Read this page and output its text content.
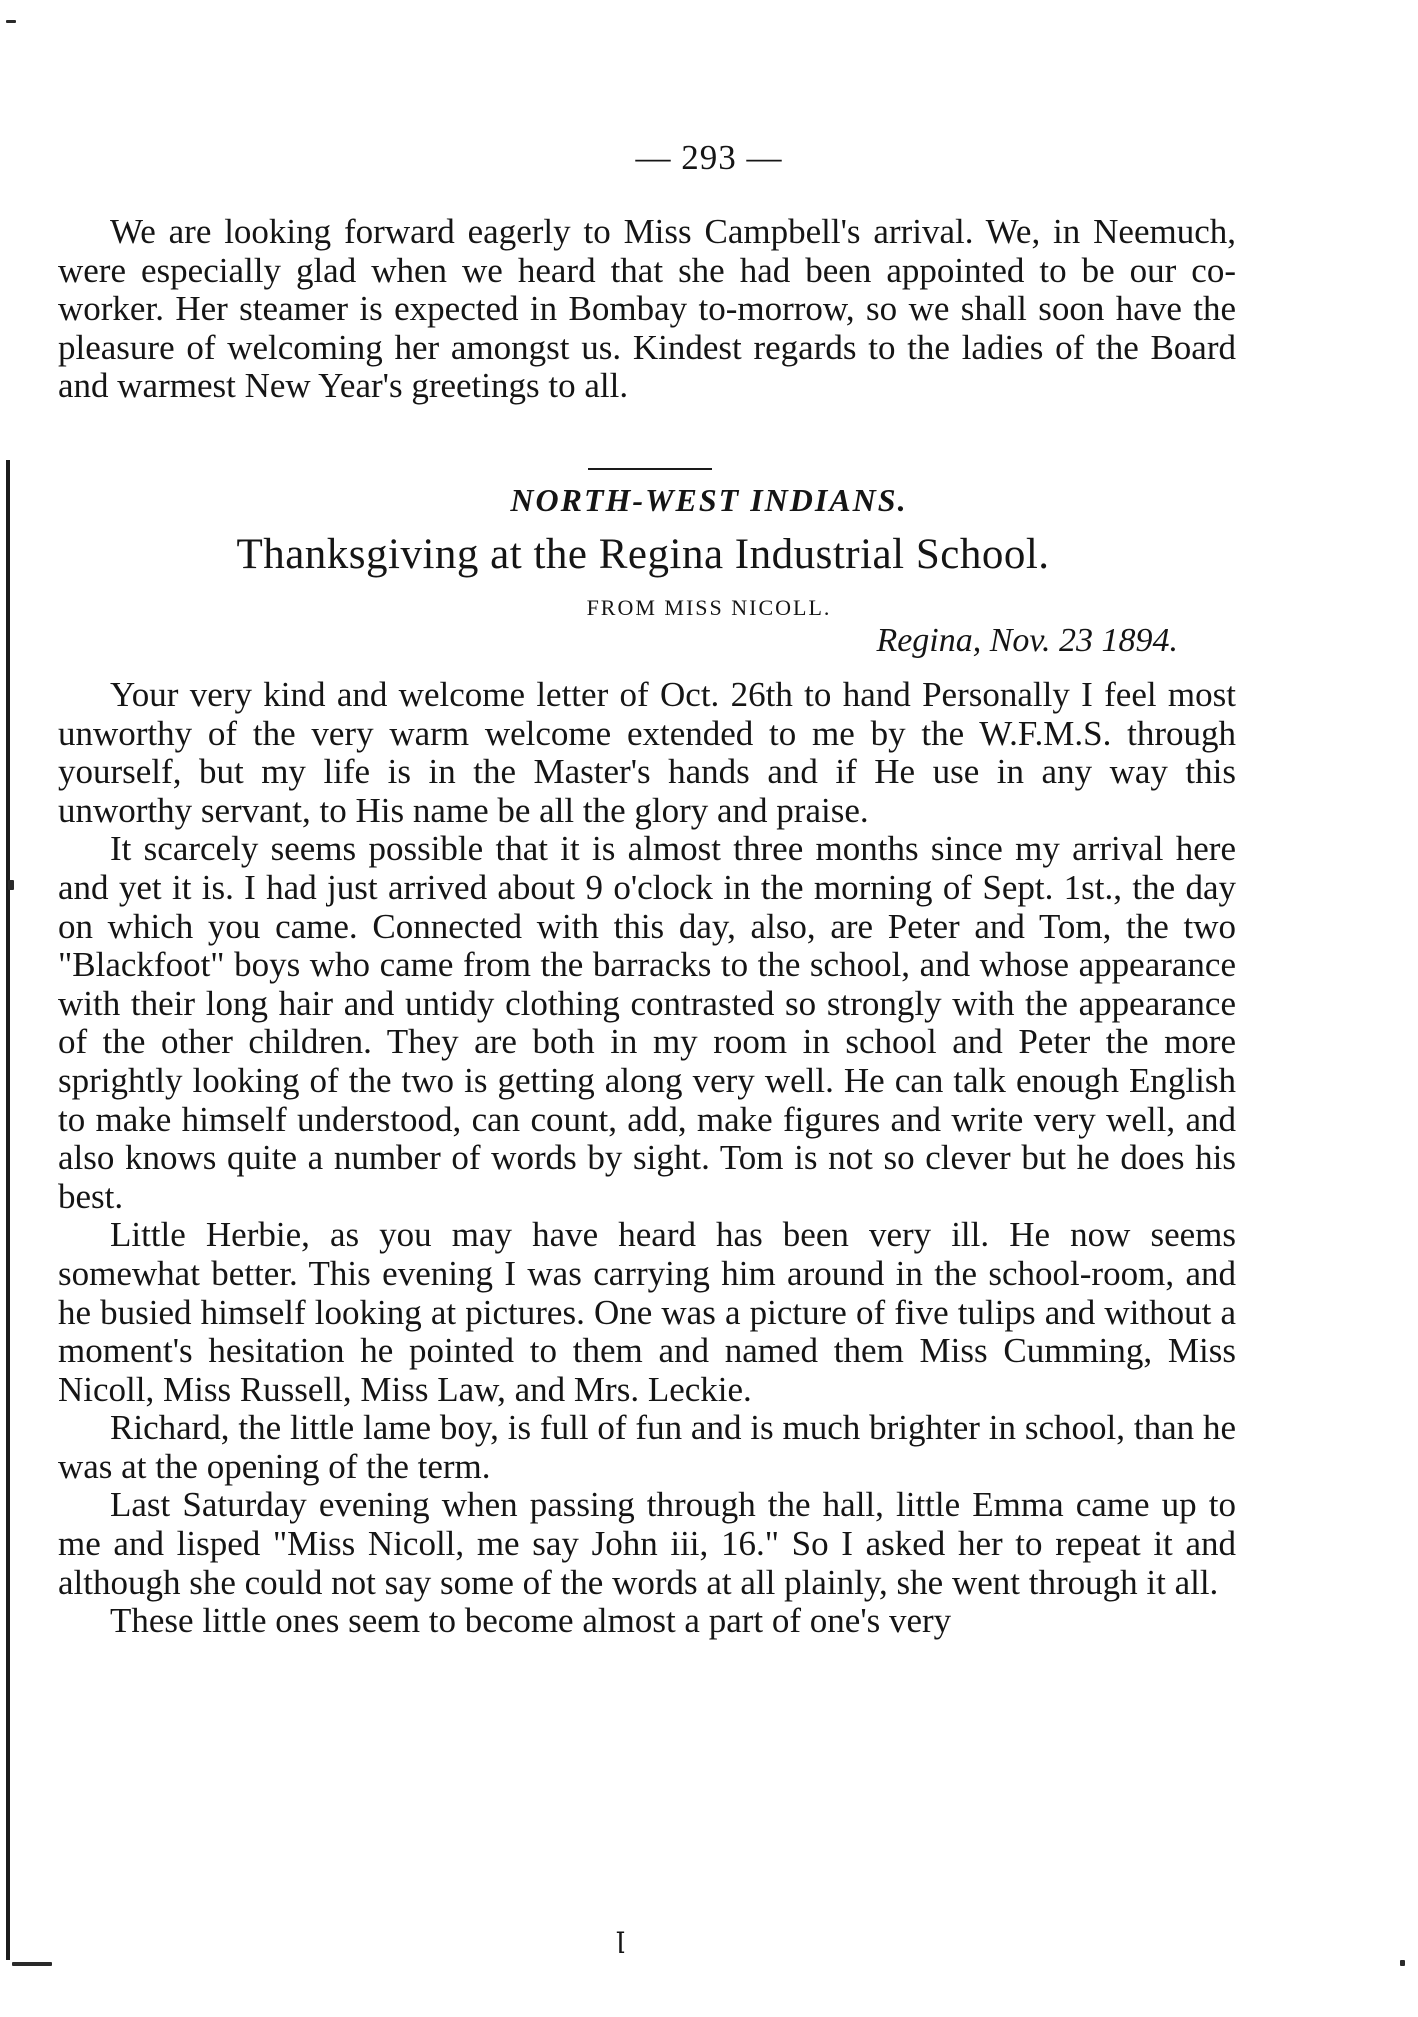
— 293 —

We are looking forward eagerly to Miss Campbell's arrival. We, in Neemuch, were especially glad when we heard that she had been appointed to be our co-worker. Her steamer is expected in Bombay to-morrow, so we shall soon have the pleasure of welcoming her amongst us. Kindest regards to the ladies of the Board and warmest New Year's greetings to all.

NORTH-WEST INDIANS.
Thanksgiving at the Regina Industrial School.
FROM MISS NICOLL.
Regina, Nov. 23 1894.

Your very kind and welcome letter of Oct. 26th to hand Personally I feel most unworthy of the very warm welcome extended to me by the W.F.M.S. through yourself, but my life is in the Master's hands and if He use in any way this unworthy servant, to His name be all the glory and praise.

It scarcely seems possible that it is almost three months since my arrival here and yet it is. I had just arrived about 9 o'clock in the morning of Sept. 1st., the day on which you came. Connected with this day, also, are Peter and Tom, the two "Blackfoot" boys who came from the barracks to the school, and whose appearance with their long hair and untidy clothing contrasted so strongly with the appearance of the other children. They are both in my room in school and Peter the more sprightly looking of the two is getting along very well. He can talk enough English to make himself understood, can count, add, make figures and write very well, and also knows quite a number of words by sight. Tom is not so clever but he does his best.

Little Herbie, as you may have heard has been very ill. He now seems somewhat better. This evening I was carrying him around in the school-room, and he busied himself looking at pictures. One was a picture of five tulips and without a moment's hesitation he pointed to them and named them Miss Cumming, Miss Nicoll, Miss Russell, Miss Law, and Mrs. Leckie.

Richard, the little lame boy, is full of fun and is much brighter in school, than he was at the opening of the term.

Last Saturday evening when passing through the hall, little Emma came up to me and lisped "Miss Nicoll, me say John iii, 16." So I asked her to repeat it and although she could not say some of the words at all plainly, she went through it all.

These little ones seem to become almost a part of one's very

ꞁ
